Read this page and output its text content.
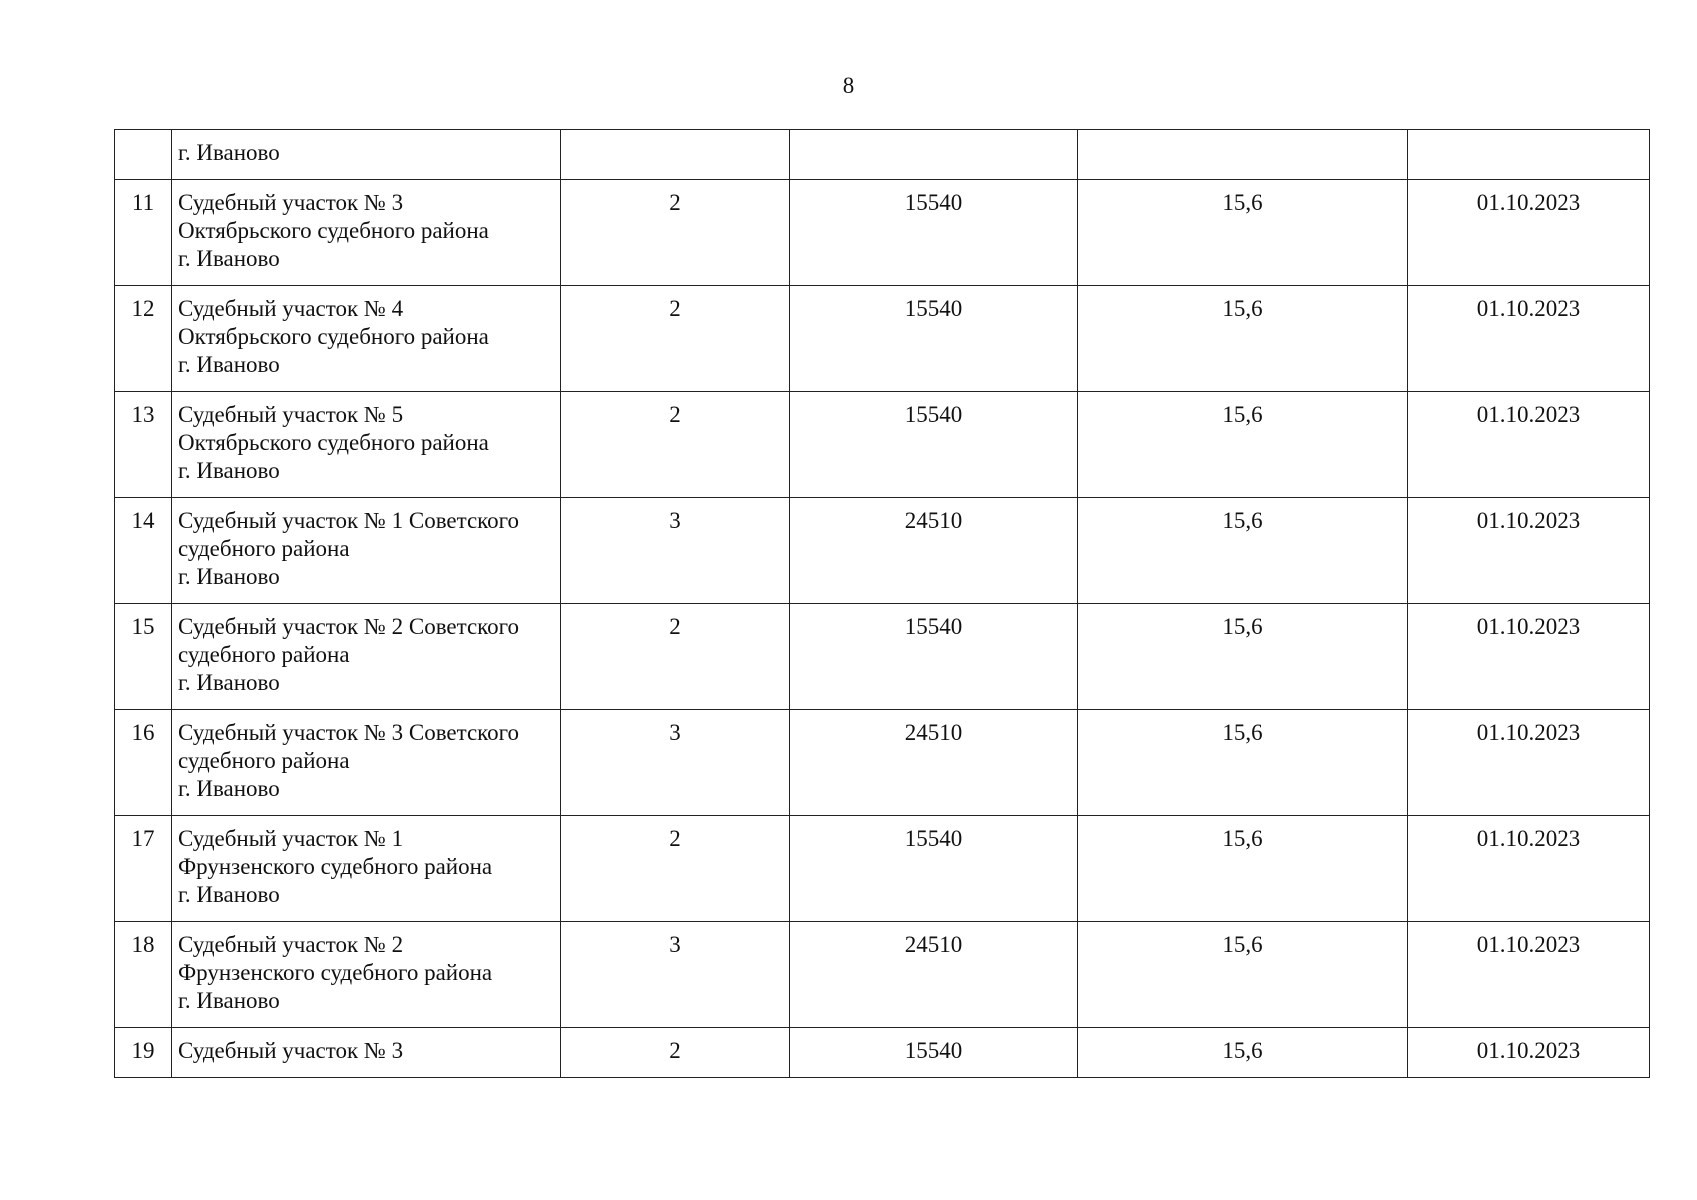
8

	г. Иваново				

11	Судебный участок № 3
Октябрьского судебного района
г. Иваново	2	15540	15,6	01.10.2023
12	Судебный участок № 4
Октябрьского судебного района
г. Иваново	2	15540	15,6	01.10.2023
13	Судебный участок № 5
Октябрьского судебного района
г. Иваново	2	15540	15,6	01.10.2023
14	Судебный участок № 1 Советского
судебного района
г. Иваново	3	24510	15,6	01.10.2023
15	Судебный участок № 2 Советского
судебного района
г. Иваново	2	15540	15,6	01.10.2023
16	Судебный участок № 3 Советского
судебного района
г. Иваново	3	24510	15,6	01.10.2023
17	Судебный участок № 1
Фрунзенского судебного района
г. Иваново	2	15540	15,6	01.10.2023
18	Судебный участок № 2
Фрунзенского судебного района
г. Иваново	3	24510	15,6	01.10.2023
19	Судебный участок № 3	2	15540	15,6	01.10.2023
